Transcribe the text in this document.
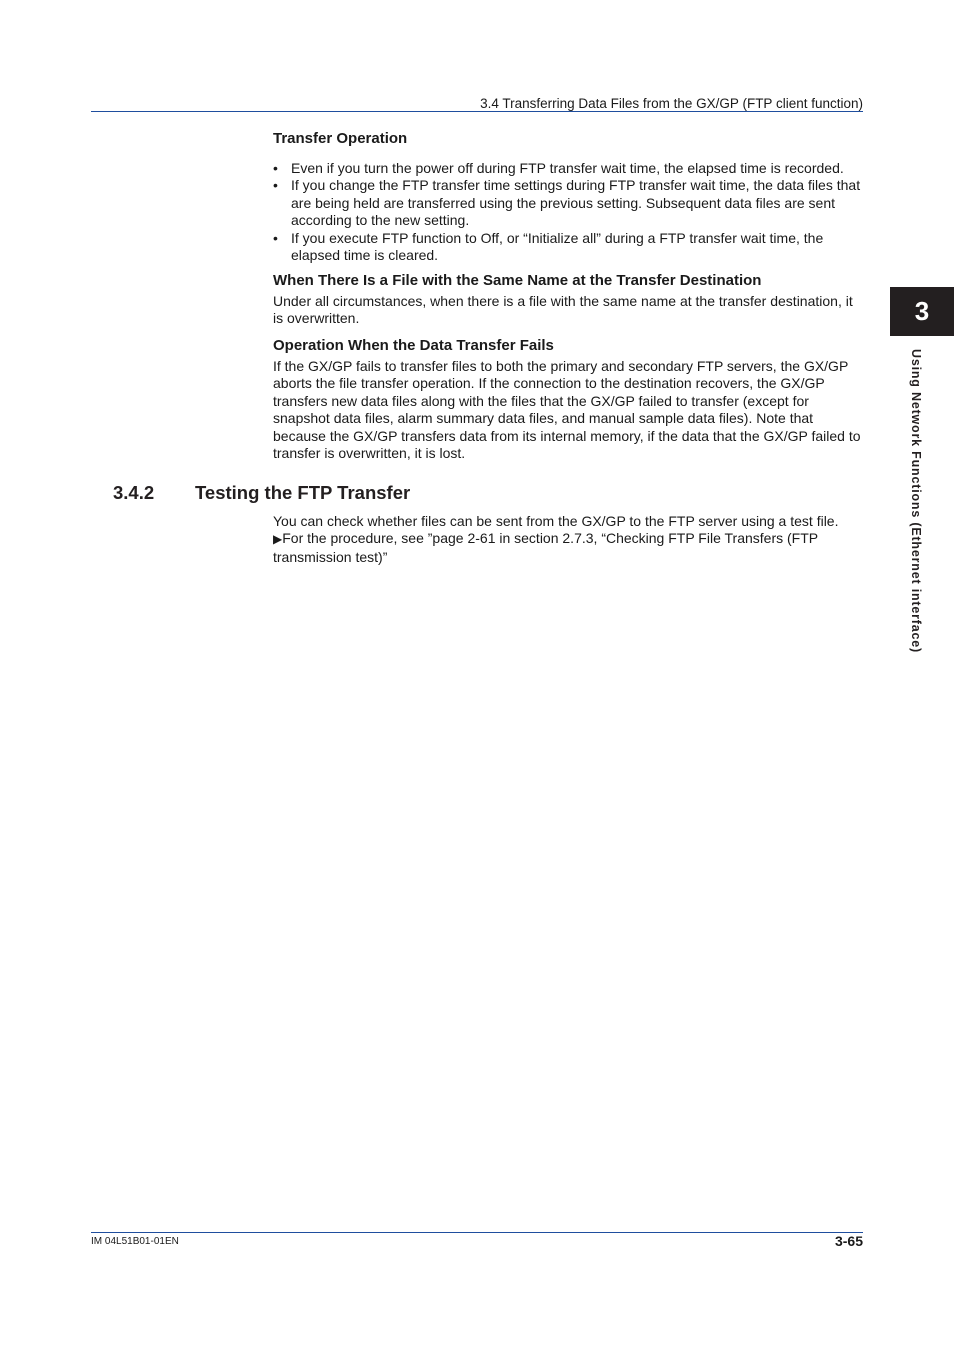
3.4 Transferring Data Files from the GX/GP (FTP client function)
3
Using Network Functions (Ethernet interface)
Transfer Operation
• Even if you turn the power off during FTP transfer wait time, the elapsed time is recorded.
• If you change the FTP transfer time settings during FTP transfer wait time, the data files that are being held are transferred using the previous setting. Subsequent data files are sent according to the new setting.
• If you execute FTP function to Off, or “Initialize all” during a FTP transfer wait time, the elapsed time is cleared.
When There Is a File with the Same Name at the Transfer Destination

Under all circumstances, when there is a file with the same name at the transfer destination, it is overwritten.

Operation When the Data Transfer Fails

If the GX/GP fails to transfer files to both the primary and secondary FTP servers, the GX/GP aborts the file transfer operation. If the connection to the destination recovers, the GX/GP transfers new data files along with the files that the GX/GP failed to transfer (except for snapshot data files, alarm summary data files, and manual sample data files). Note that because the GX/GP transfers data from its internal memory, if the data that the GX/GP failed to transfer is overwritten, it is lost.

3.4.2 Testing the FTP Transfer

You can check whether files can be sent from the GX/GP to the FTP server using a test file.

▶For the procedure, see ”page 2-61 in section 2.7.3, “Checking FTP File Transfers (FTP transmission test)”

IM 04L51B01-01EN	3-65
